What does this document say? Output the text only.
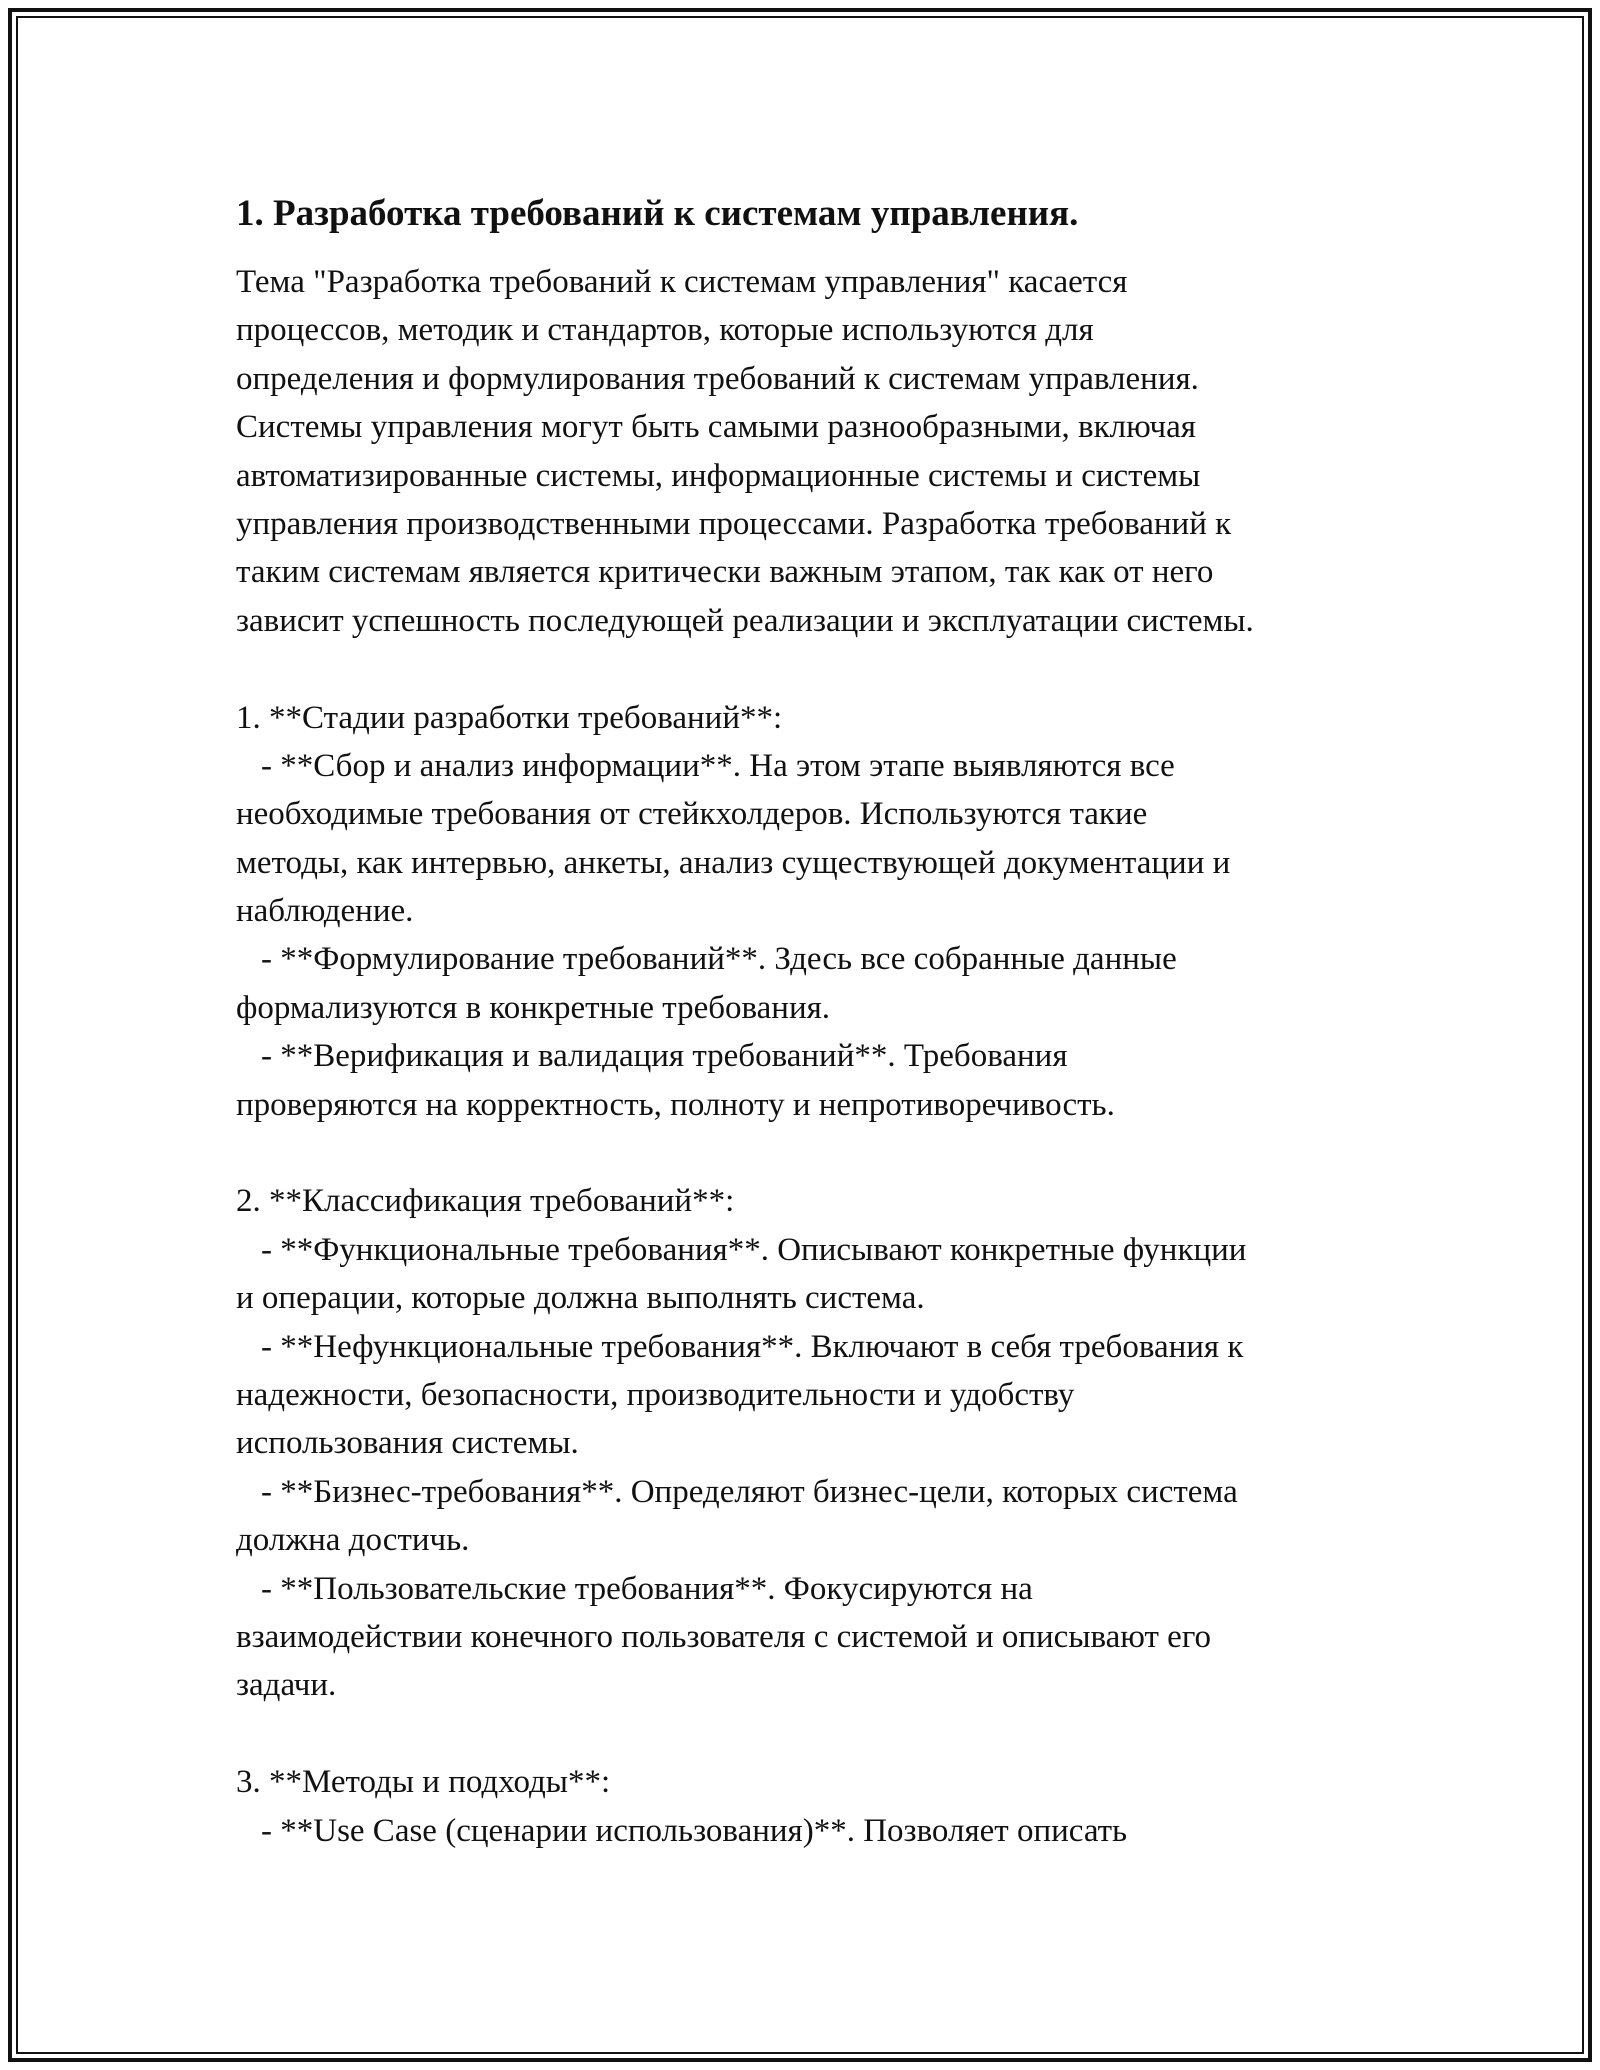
1. Разработка требований к системам управления.
Тема "Разработка требований к системам управления" касается
процессов, методик и стандартов, которые используются для
определения и формулирования требований к системам управления.
Системы управления могут быть самыми разнообразными, включая
автоматизированные системы, информационные системы и системы
управления производственными процессами. Разработка требований к
таким системам является критически важным этапом, так как от него
зависит успешность последующей реализации и эксплуатации системы.
1. **Стадии разработки требований**:
- **Сбор и анализ информации**. На этом этапе выявляются все
необходимые требования от стейкхолдеров. Используются такие
методы, как интервью, анкеты, анализ существующей документации и
наблюдение.
- **Формулирование требований**. Здесь все собранные данные
формализуются в конкретные требования.
- **Верификация и валидация требований**. Требования
проверяются на корректность, полноту и непротиворечивость.
2. **Классификация требований**:
- **Функциональные требования**. Описывают конкретные функции
и операции, которые должна выполнять система.
- **Нефункциональные требования**. Включают в себя требования к
надежности, безопасности, производительности и удобству
использования системы.
- **Бизнес-требования**. Определяют бизнес-цели, которых система
должна достичь.
- **Пользовательские требования**. Фокусируются на
взаимодействии конечного пользователя с системой и описывают его
задачи.
3. **Методы и подходы**:
- **Use Case (сценарии использования)**. Позволяет описать
